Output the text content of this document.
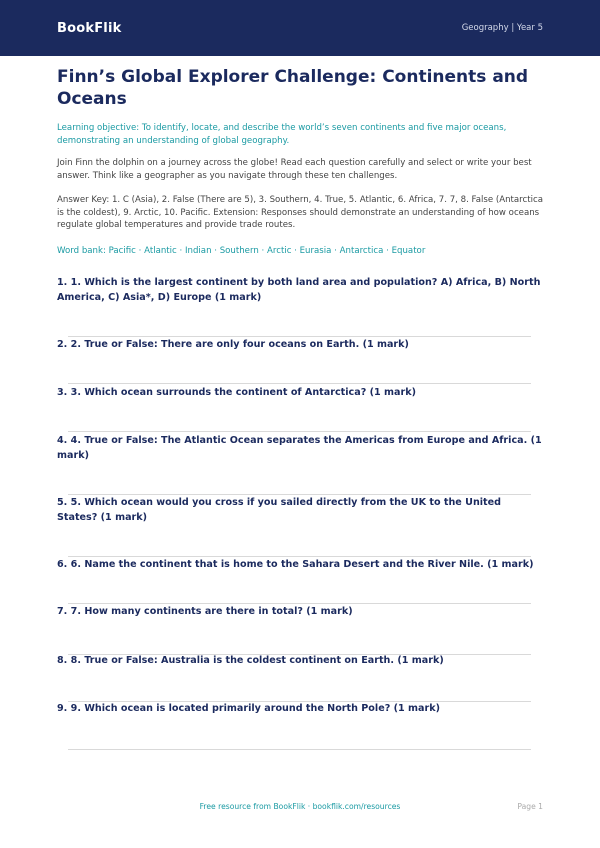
BookFlik	Geography | Year 5
Finn’s Global Explorer Challenge: Continents and Oceans
Learning objective: To identify, locate, and describe the world’s seven continents and five major oceans, demonstrating an understanding of global geography.
Join Finn the dolphin on a journey across the globe! Read each question carefully and select or write your best answer. Think like a geographer as you navigate through these ten challenges.
Answer Key: 1. C (Asia), 2. False (There are 5), 3. Southern, 4. True, 5. Atlantic, 6. Africa, 7. 7, 8. False (Antarctica is the coldest), 9. Arctic, 10. Pacific. Extension: Responses should demonstrate an understanding of how oceans regulate global temperatures and provide trade routes.
Word bank: Pacific · Atlantic · Indian · Southern · Arctic · Eurasia · Antarctica · Equator
1. 1. Which is the largest continent by both land area and population? A) Africa, B) North America, C) Asia*, D) Europe (1 mark)
2. 2. True or False: There are only four oceans on Earth. (1 mark)
3. 3. Which ocean surrounds the continent of Antarctica? (1 mark)
4. 4. True or False: The Atlantic Ocean separates the Americas from Europe and Africa. (1 mark)
5. 5. Which ocean would you cross if you sailed directly from the UK to the United States? (1 mark)
6. 6. Name the continent that is home to the Sahara Desert and the River Nile. (1 mark)
7. 7. How many continents are there in total? (1 mark)
8. 8. True or False: Australia is the coldest continent on Earth. (1 mark)
9. 9. Which ocean is located primarily around the North Pole? (1 mark)
Free resource from BookFlik · bookflik.com/resources	Page 1
